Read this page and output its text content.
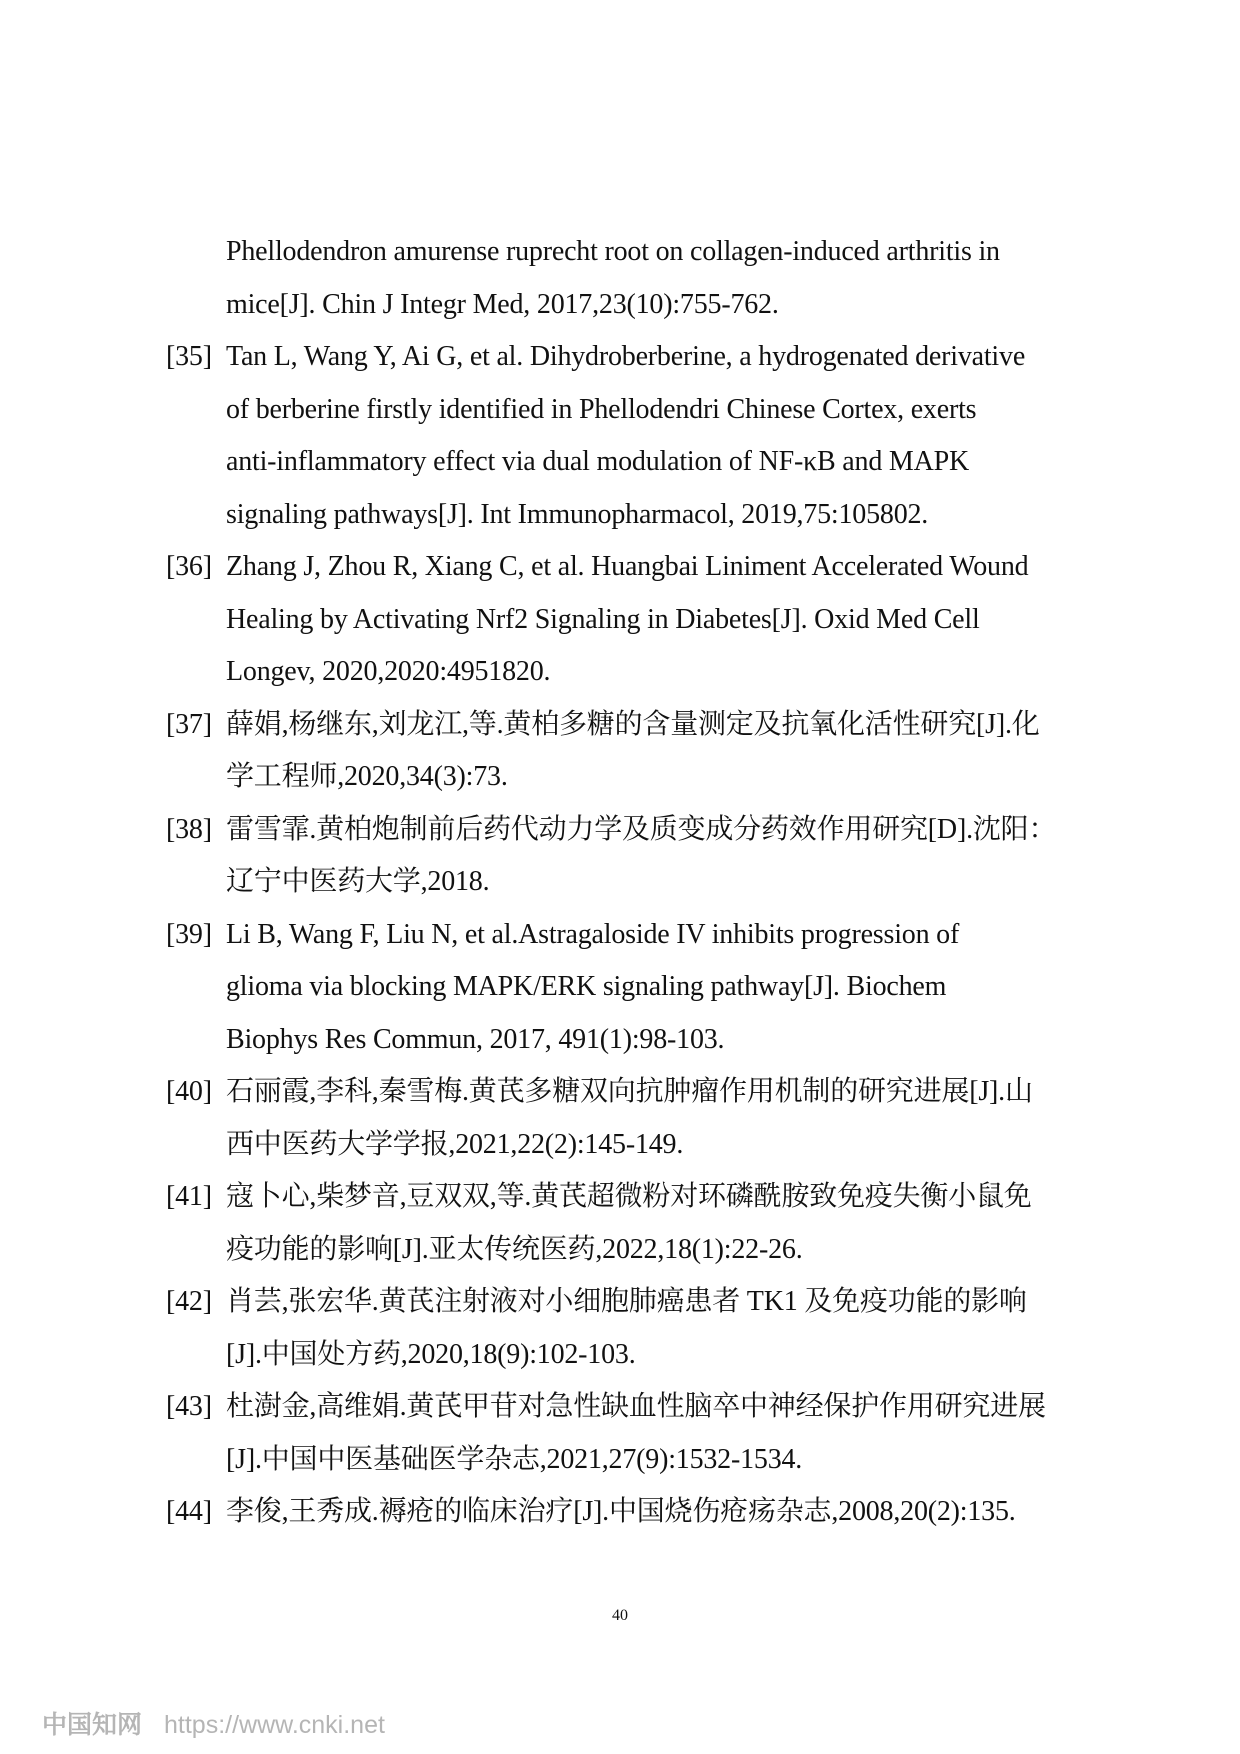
Phellodendron amurense ruprecht root on collagen-induced arthritis in
mice[J]. Chin J Integr Med, 2017,23(10):755-762.
[35] Tan L, Wang Y, Ai G, et al. Dihydroberberine, a hydrogenated derivative
of berberine firstly identified in Phellodendri Chinese Cortex, exerts
anti-inflammatory effect via dual modulation of NF-κB and MAPK
signaling pathways[J]. Int Immunopharmacol, 2019,75:105802.
[36] Zhang J, Zhou R, Xiang C, et al. Huangbai Liniment Accelerated Wound
Healing by Activating Nrf2 Signaling in Diabetes[J]. Oxid Med Cell
Longev, 2020,2020:4951820.
[37] 薛娟,杨继东,刘龙江,等.黄柏多糖的含量测定及抗氧化活性研究[J].化
学工程师,2020,34(3):73.
[38] 雷雪霏.黄柏炮制前后药代动力学及质变成分药效作用研究[D].沈阳：
辽宁中医药大学,2018.
[39] Li B, Wang F, Liu N, et al.Astragaloside IV inhibits progression of
glioma via blocking MAPK/ERK signaling pathway[J]. Biochem
Biophys Res Commun, 2017, 491(1):98-103.
[40] 石丽霞,李科,秦雪梅.黄芪多糖双向抗肿瘤作用机制的研究进展[J].山
西中医药大学学报,2021,22(2):145-149.
[41] 寇卜心,柴梦音,豆双双,等.黄芪超微粉对环磷酰胺致免疫失衡小鼠免
疫功能的影响[J].亚太传统医药,2022,18(1):22-26.
[42] 肖芸,张宏华.黄芪注射液对小细胞肺癌患者 TK1 及免疫功能的影响
[J].中国处方药,2020,18(9):102-103.
[43] 杜澍金,高维娟.黄芪甲苷对急性缺血性脑卒中神经保护作用研究进展
[J].中国中医基础医学杂志,2021,27(9):1532-1534.
[44] 李俊,王秀成.褥疮的临床治疗[J].中国烧伤疮疡杂志,2008,20(2):135.
40
中国知网 https://www.cnki.net
